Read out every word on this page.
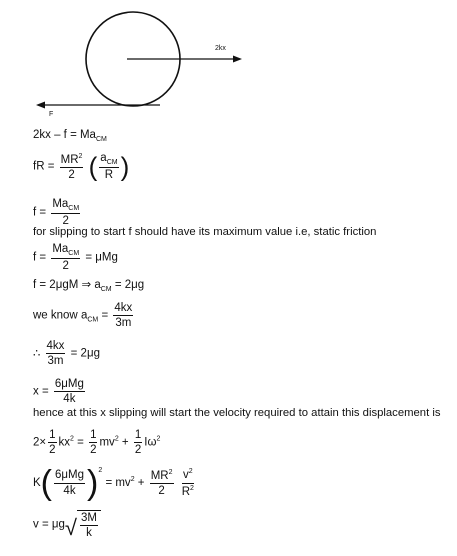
2kx
F
$2kx - f = Ma_{CM}$
fR = $\frac{MR^2}{2}$ ( $\frac{a_{CM}}{R}$ )
$f = \frac{Ma_{CM}}{2}$
for slipping to start f should have its maximum value i.e, static friction
$f = \frac{Ma_{CM}}{2} = \mu Mg$
f = 2μgM ⇒ $a_{CM} = 2\mu g$
we know $a_{CM} = \frac{4kx}{3m}$
∴ $\frac{4kx}{3m} = 2\mu g$
$x = \frac{\text{6μMg}}{4k}$
hence at this x slipping will start the velocity required to attain this displacement is
$2\times \frac{1}{2} kx^2 = \frac{1}{2} mv^2 + \frac{1}{2} I\omega^2$
$K( \frac{\text{6μMg}}{4k} )^2 = mv^2 + \frac{MR^2}{2}$
$\frac{v^2}{R^2}$
v = μg √ $\frac{3M}{k}$
